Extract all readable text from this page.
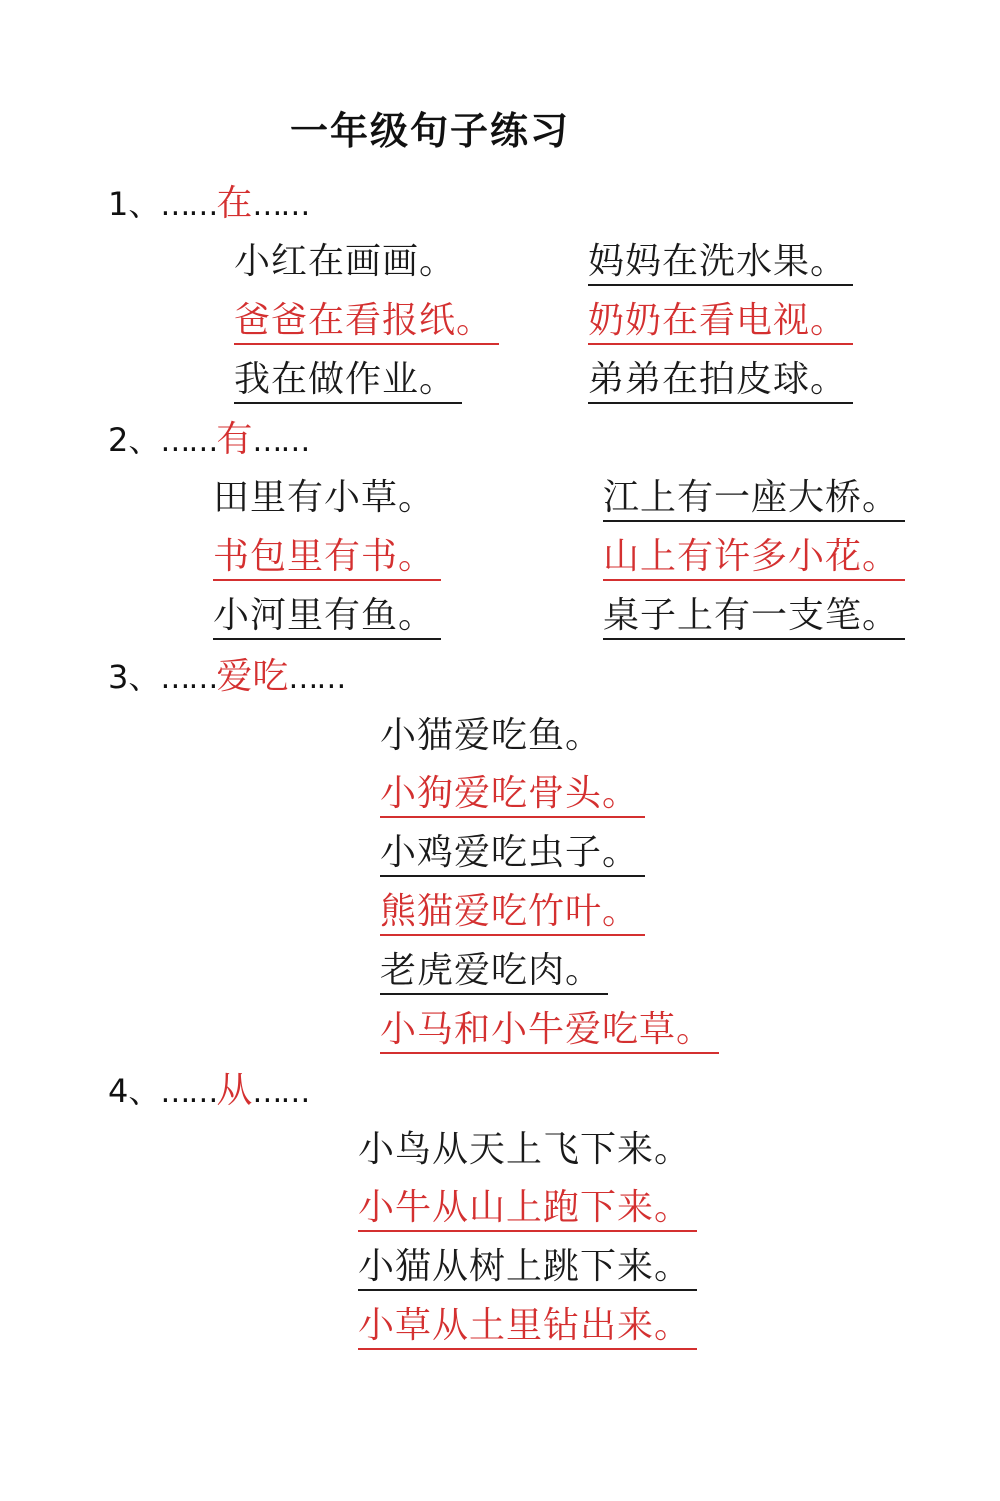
一年级句子练习
1、……在……
小红在画画。	妈妈在洗水果。
爸爸在看报纸。	奶奶在看电视。
我在做作业。	弟弟在拍皮球。
2、……有……
田里有小草。	江上有一座大桥。
书包里有书。	山上有许多小花。
小河里有鱼。	桌子上有一支笔。
3、……爱吃……
小猫爱吃鱼。
小狗爱吃骨头。
小鸡爱吃虫子。
熊猫爱吃竹叶。
老虎爱吃肉。
小马和小牛爱吃草。
4、……从……
小鸟从天上飞下来。
小牛从山上跑下来。
小猫从树上跳下来。
小草从土里钻出来。
